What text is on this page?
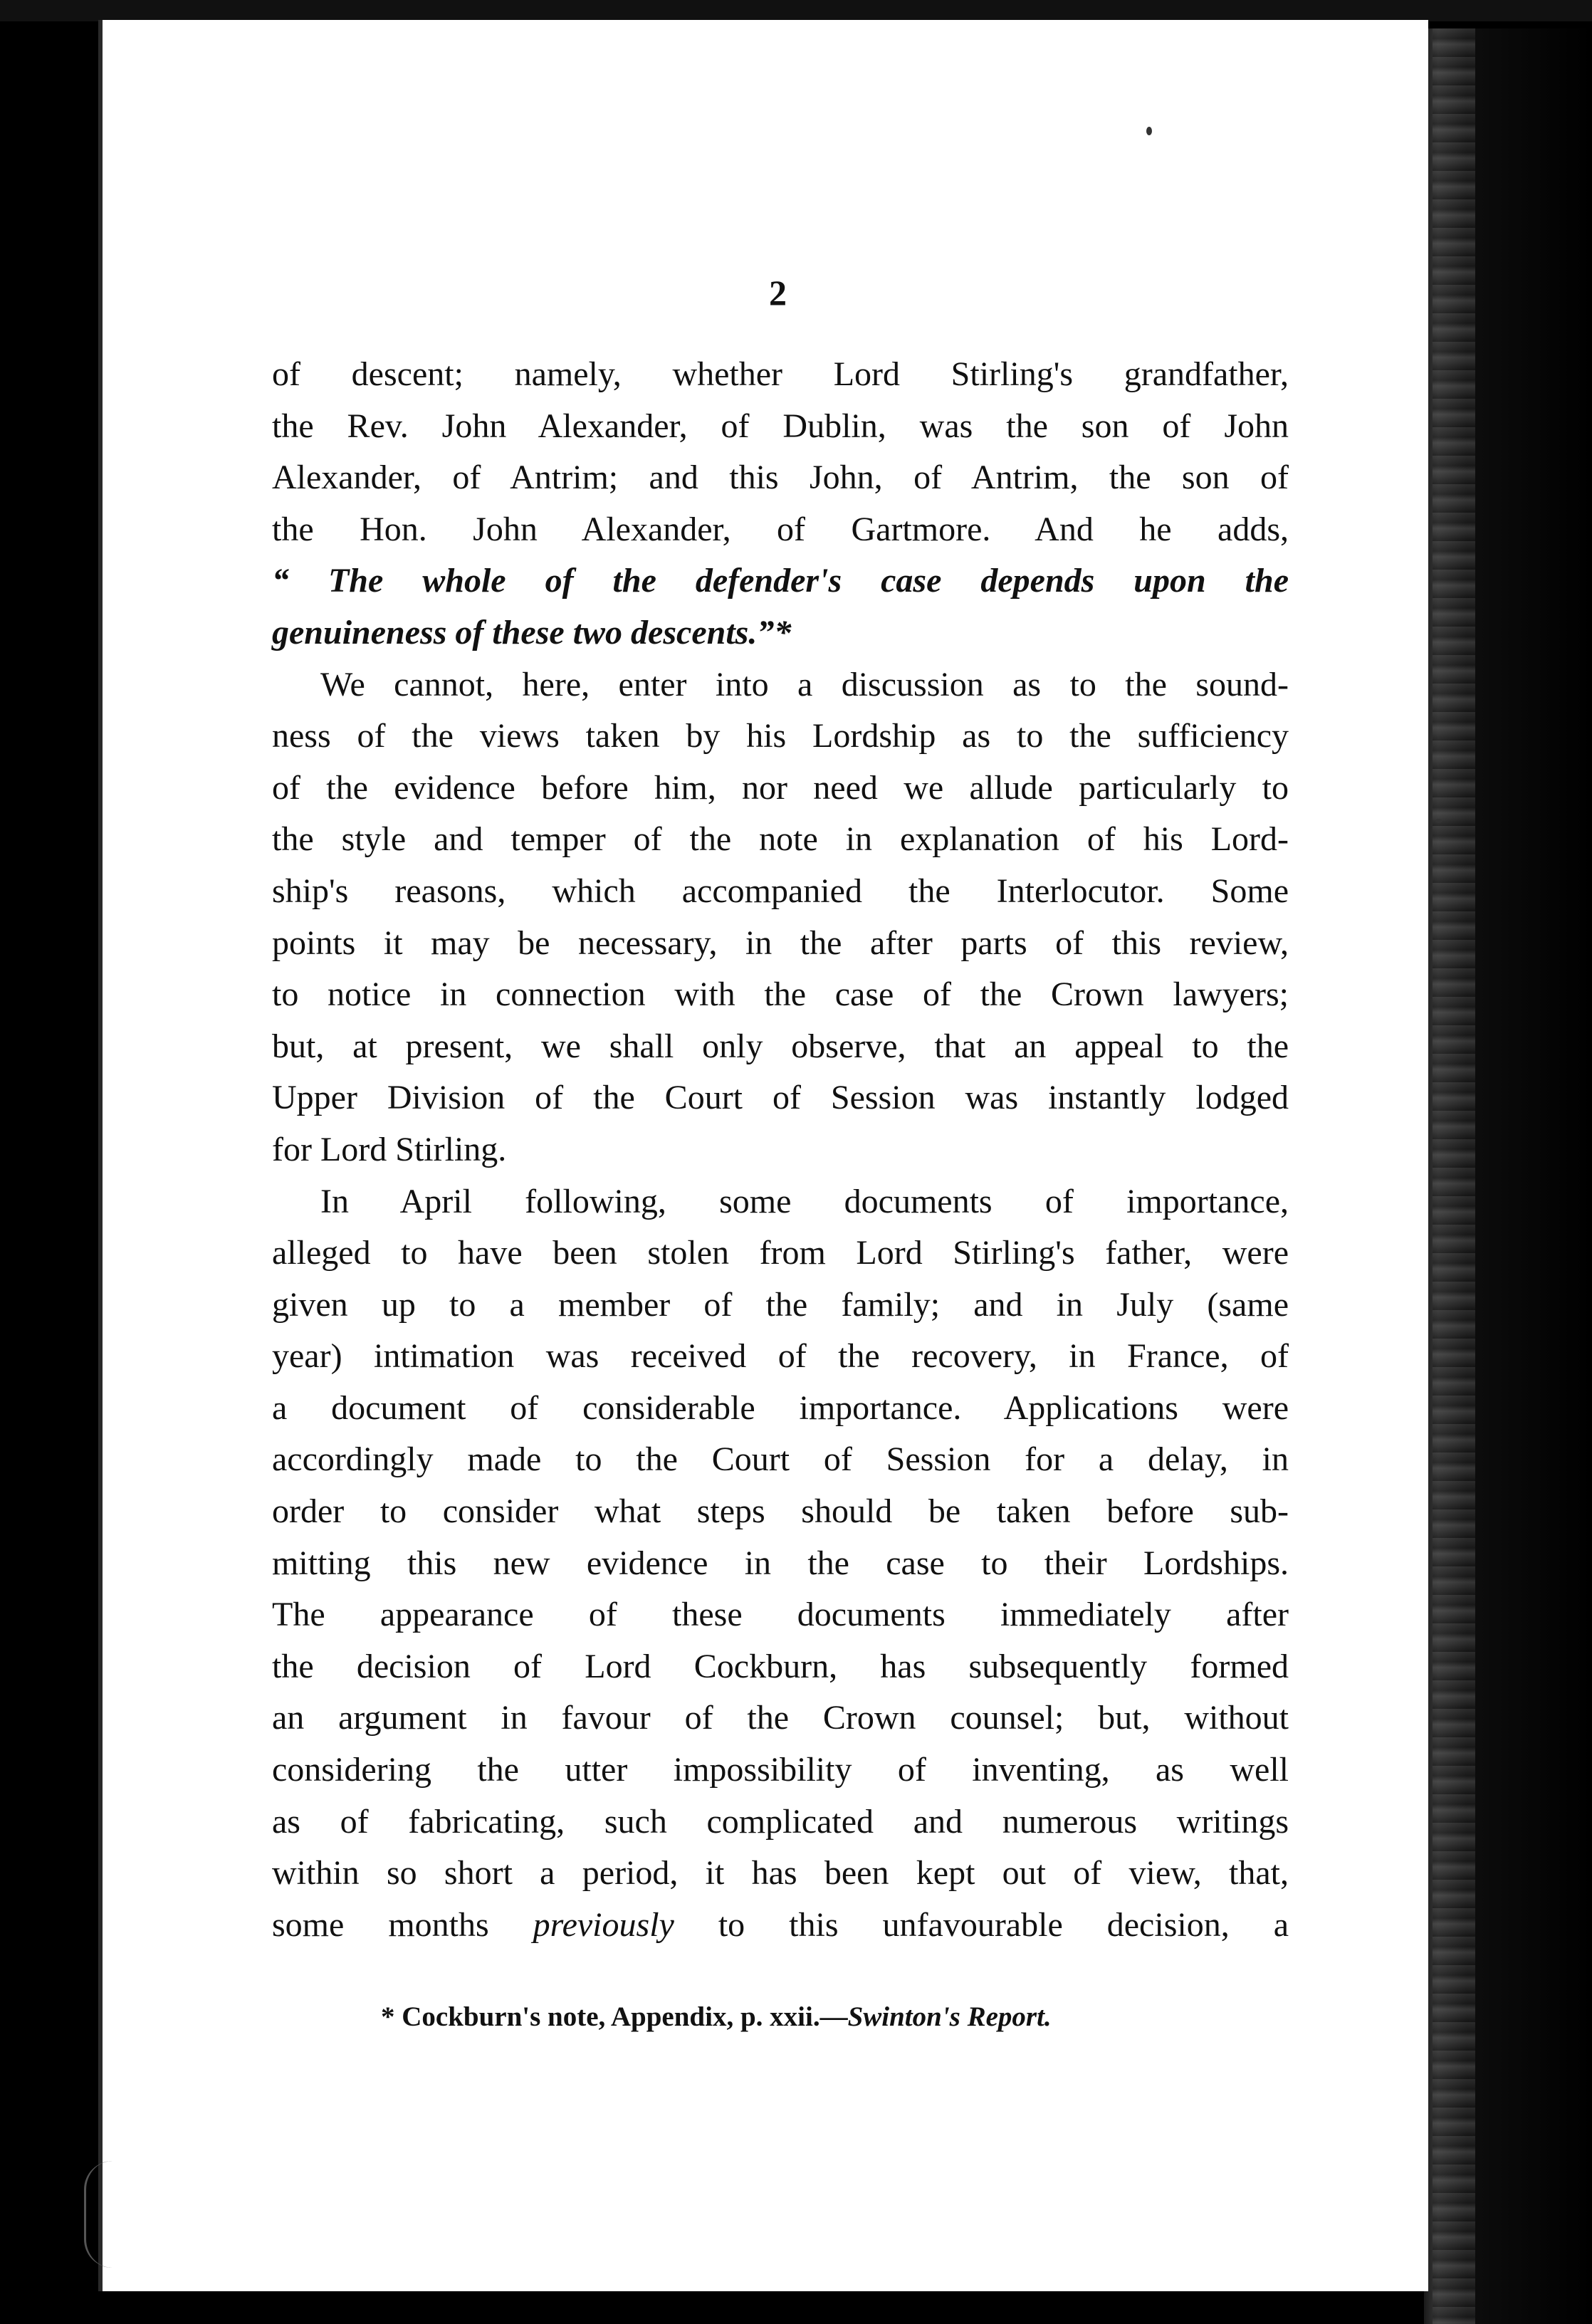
2
of descent; namely, whether Lord Stirling's grandfather,
the Rev. John Alexander, of Dublin, was the son of John
Alexander, of Antrim; and this John, of Antrim, the son of
the Hon. John Alexander, of Gartmore. And he adds,
“ The whole of the defender's case depends upon the
genuineness of these two descents.”*
We cannot, here, enter into a discussion as to the sound-
ness of the views taken by his Lordship as to the sufficiency
of the evidence before him, nor need we allude particularly to
the style and temper of the note in explanation of his Lord-
ship's reasons, which accompanied the Interlocutor. Some
points it may be necessary, in the after parts of this review,
to notice in connection with the case of the Crown lawyers;
but, at present, we shall only observe, that an appeal to the
Upper Division of the Court of Session was instantly lodged
for Lord Stirling.
In April following, some documents of importance,
alleged to have been stolen from Lord Stirling's father, were
given up to a member of the family; and in July (same
year) intimation was received of the recovery, in France, of
a document of considerable importance. Applications were
accordingly made to the Court of Session for a delay, in
order to consider what steps should be taken before sub-
mitting this new evidence in the case to their Lordships.
The appearance of these documents immediately after
the decision of Lord Cockburn, has subsequently formed
an argument in favour of the Crown counsel; but, without
considering the utter impossibility of inventing, as well
as of fabricating, such complicated and numerous writings
within so short a period, it has been kept out of view, that,
some months previously to this unfavourable decision, a
* Cockburn's note, Appendix, p. xxii.—Swinton's Report.
